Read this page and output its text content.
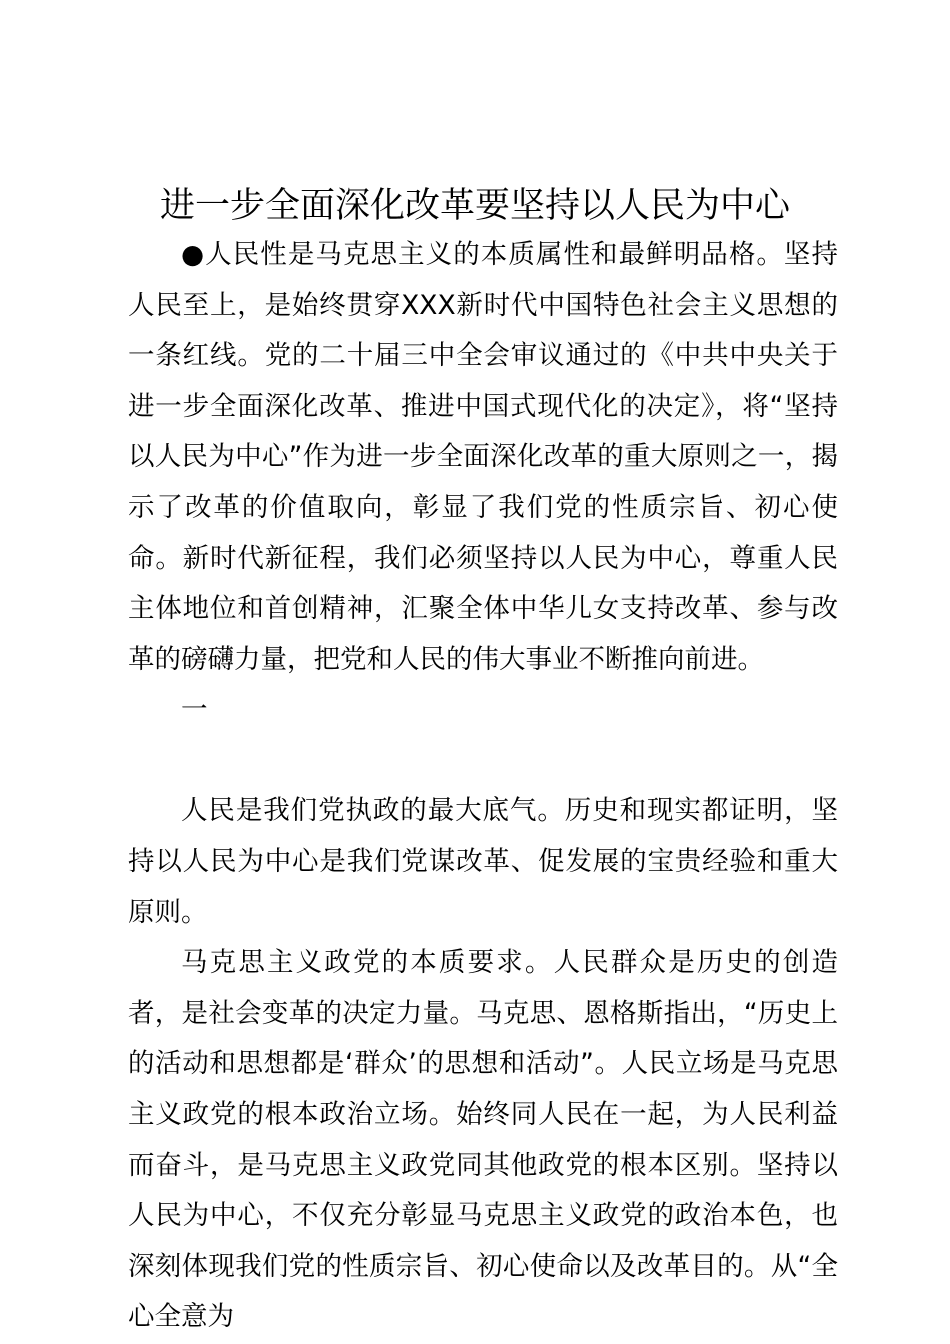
进一步全面深化改革要坚持以人民为中心

●人民性是马克思主义的本质属性和最鲜明品格。坚持人民至上，是始终贯穿XXX新时代中国特色社会主义思想的一条红线。党的二十届三中全会审议通过的《中共中央关于进一步全面深化改革、推进中国式现代化的决定》，将“坚持以人民为中心”作为进一步全面深化改革的重大原则之一，揭示了改革的价值取向，彰显了我们党的性质宗旨、初心使命。新时代新征程，我们必须坚持以人民为中心，尊重人民主体地位和首创精神，汇聚全体中华儿女支持改革、参与改革的磅礴力量，把党和人民的伟大事业不断推向前进。

一

人民是我们党执政的最大底气。历史和现实都证明，坚持以人民为中心是我们党谋改革、促发展的宝贵经验和重大原则。

马克思主义政党的本质要求。人民群众是历史的创造者，是社会变革的决定力量。马克思、恩格斯指出，“历史上的活动和思想都是‘群众’的思想和活动”。人民立场是马克思主义政党的根本政治立场。始终同人民在一起，为人民利益而奋斗，是马克思主义政党同其他政党的根本区别。坚持以人民为中心，不仅充分彰显马克思主义政党的政治本色，也深刻体现我们党的性质宗旨、初心使命以及改革目的。从“全心全意为
